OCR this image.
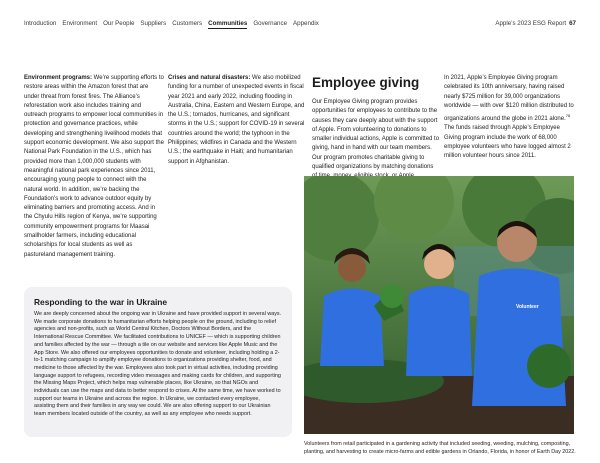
Introduction Environment Our People Suppliers Customers Communities Governance Appendix	Apple’s 2023 ESG Report 67
Environment programs: We’re supporting efforts to restore areas within the Amazon forest that are under threat from forest fires. The Alliance’s reforestation work also includes training and outreach programs to empower local communities in protection and governance practices, while developing and strengthening livelihood models that support economic development. We also support the National Park Foundation in the U.S., which has provided more than 1,000,000 students with meaningful national park experiences since 2011, encouraging young people to connect with the natural world. In addition, we’re backing the Foundation’s work to advance outdoor equity by eliminating barriers and promoting access. And in the Chyulu Hills region of Kenya, we’re supporting community empowerment programs for Maasai smallholder farmers, including educational scholarships for local students as well as pastureland management training.
Crises and natural disasters: We also mobilized funding for a number of unexpected events in fiscal year 2021 and early 2022, including flooding in Australia, China, Eastern and Western Europe, and the U.S.; tornados, hurricanes, and significant storms in the U.S.; support for COVID-19 in several countries around the world; the typhoon in the Philippines; wildfires in Canada and the Western U.S.; the earthquake in Haiti; and humanitarian support in Afghanistan.
Employee giving
Our Employee Giving program provides opportunities for employees to contribute to the causes they care deeply about with the support of Apple. From volunteering to donations to smaller individual actions, Apple is committed to giving, hand in hand with our team members. Our program promotes charitable giving to qualified organizations by matching donations
In 2021, Apple’s Employee Giving program celebrated its 10th anniversary, having raised nearly $725 million for 39,000 organizations worldwide — with over $120 million distributed to organizations around the globe in 2021 alone.$^{78}$ The funds raised through Apple’s Employee Giving program include the work of 68,000 employee volunteers who have logged almost 2 million volunteer hours since 2011.
Responding to the war in Ukraine

We are deeply concerned about the ongoing war in Ukraine and have provided support in several ways. We made corporate donations to humanitarian efforts helping people on the ground, including to relief agencies and non-profits, such as World Central Kitchen, Doctors Without Borders, and the International Rescue Committee. We facilitated contributions to UNICEF — which is supporting children and families affected by the war — through a tile on our website and services like Apple Music and the App Store. We also offered our employees opportunities to donate and volunteer, including holding a 2-to-1 matching campaign to amplify employee donations to organizations providing shelter, food, and medicine to those affected by the war. Employees also took part in virtual activities, including providing language support to refugees, recording video messages and making cards for children, and supporting the Missing Maps Project, which helps map vulnerable places, like Ukraine, so that NGOs and individuals can use the maps and data to better respond to crises. At the same time, we have worked to support our teams in Ukraine and across the region. In Ukraine, we contacted every employee, assisting them and their families in any way we could. We are also offering support to our Ukrainian team members located outside of the country, as well as any employee who needs support.

Volunteer
Volunteers from retail participated in a gardening activity that included seeding, weeding, mulching, composting, planting, and harvesting to create micro-farms and edible gardens in Orlando, Florida, in honor of Earth Day 2022.
